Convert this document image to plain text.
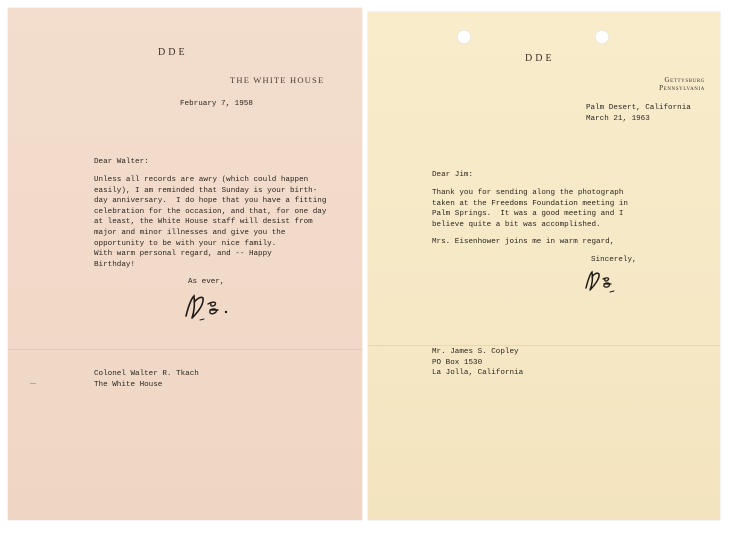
DDE
THE WHITE HOUSE
February 7, 1958
Dear Walter:
Unless all records are awry (which could happen
easily), I am reminded that Sunday is your birth-
day anniversary.  I do hope that you have a fitting
celebration for the occasion, and that, for one day
at least, the White House staff will desist from
major and minor illnesses and give you the
opportunity to be with your nice family.
With warm personal regard, and -- Happy
Birthday!
As ever,
Colonel Walter R. Tkach
The White House
DDE
Gettysburg
Pennsylvania
Palm Desert, California
March 21, 1963
Dear Jim:
Thank you for sending along the photograph
taken at the Freedoms Foundation meeting in
Palm Springs.  It was a good meeting and I
believe quite a bit was accomplished.
Mrs. Eisenhower joins me in warm regard,
Sincerely,
Mr. James S. Copley
PO Box 1530
La Jolla, California
